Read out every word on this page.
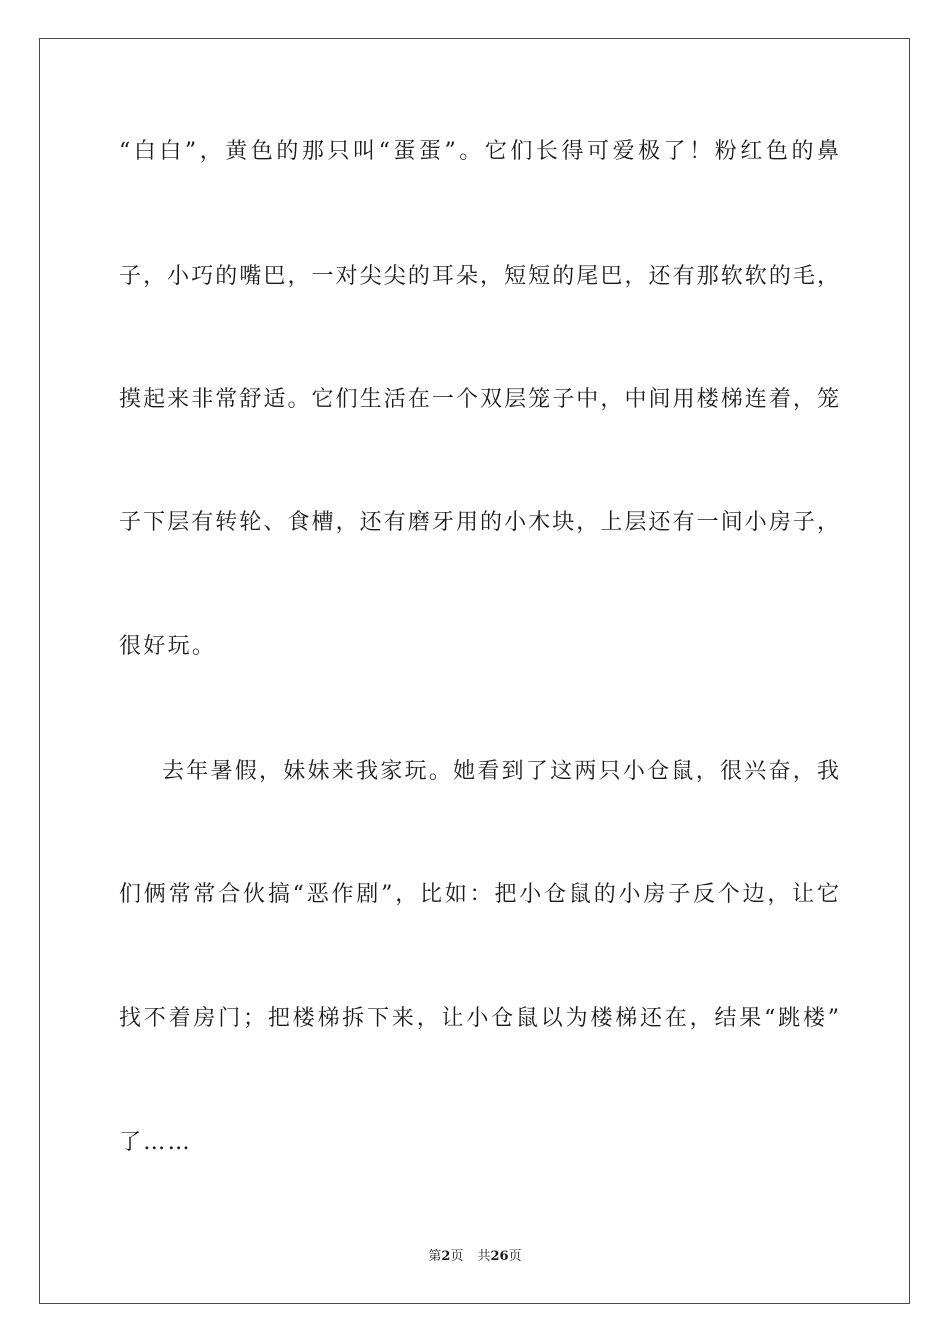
“白白”，黄色的那只叫“蛋蛋”。它们长得可爱极了！粉红色的鼻
子，小巧的嘴巴，一对尖尖的耳朵，短短的尾巴，还有那软软的毛，
摸起来非常舒适。它们生活在一个双层笼子中，中间用楼梯连着，笼
子下层有转轮、食槽，还有磨牙用的小木块，上层还有一间小房子，
很好玩。
去年暑假，妹妹来我家玩。她看到了这两只小仓鼠，很兴奋，我
们俩常常合伙搞“恶作剧”，比如：把小仓鼠的小房子反个边，让它
找不着房门；把楼梯拆下来，让小仓鼠以为楼梯还在，结果“跳楼”
了……
第2页 共26页
